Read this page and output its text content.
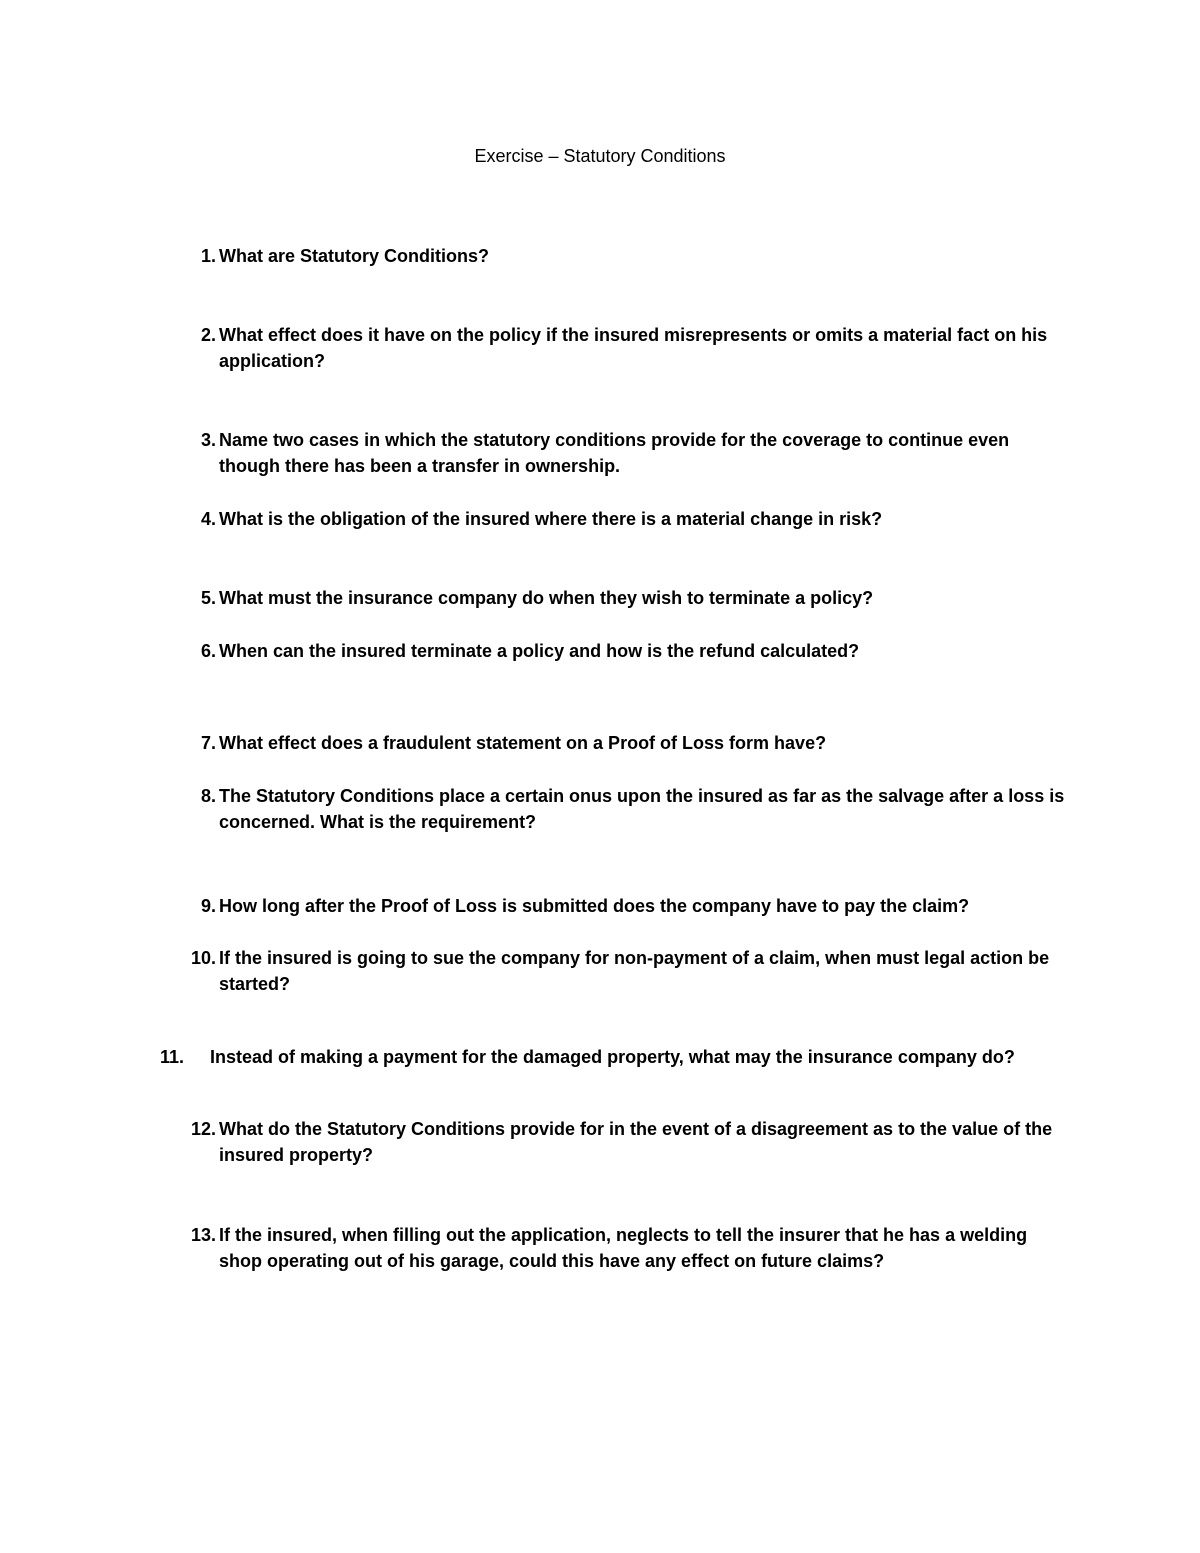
Exercise – Statutory Conditions
1. What are Statutory Conditions?
2. What effect does it have on the policy if the insured misrepresents or omits a material fact on his application?
3. Name two cases in which the statutory conditions provide for the coverage to continue even though there has been a transfer in ownership.
4. What is the obligation of the insured where there is a material change in risk?
5. What must the insurance company do when they wish to terminate a policy?
6. When can the insured terminate a policy and how is the refund calculated?
7. What effect does a fraudulent statement on a Proof of Loss form have?
8. The Statutory Conditions place a certain onus upon the insured as far as the salvage after a loss is concerned. What is the requirement?
9. How long after the Proof of Loss is submitted does the company have to pay the claim?
10. If the insured is going to sue the company for non-payment of a claim, when must legal action be started?
11.	Instead of making a payment for the damaged property, what may the insurance company do?
12. What do the Statutory Conditions provide for in the event of a disagreement as to the value of the insured property?
13. If the insured, when filling out the application, neglects to tell the insurer that he has a welding shop operating out of his garage, could this have any effect on future claims?
